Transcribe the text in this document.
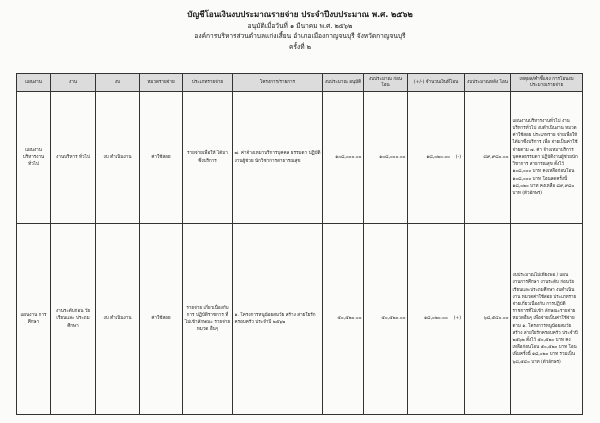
บัญชีโอนเงินงบประมาณรายจ่าย ประจำปีงบประมาณ พ.ศ. ๒๕๖๒
อนุมัติเมื่อวันที่ ๑ มีนาคม พ.ศ. ๒๕๖๒
องค์การบริหารส่วนตำบลแก่งเสี้ยน อำเภอเมืองกาญจนบุรี จังหวัดกาญจนบุรี
ครั้งที่ ๒
แผนงาน	งาน	งบ	หมวดรายจ่าย	ประเภทรายจ่าย	โครงการ/รายการ	งบประมาณ อนุมัติ	งบประมาณ ก่อนโอน	(+/-) จำนวนเงินที่โอน	งบประมาณหลัง โอน	เหตุผล/คำชี้แจง การโอนงบประมาณรายจ่าย
แผนงาน บริหารงาน ทั่วไป	งานบริหาร ทั่วไป	งบ ดำเนินงาน	ค่าใช้สอย	รายจ่ายเพื่อให้ ได้มาซึ่งบริการ	๗. ค่าจ้างเหมาบริการบุคคล ธรรมดา ปฏิบัติงานผู้ช่วย นักวิชาการสาธารณสุข	๑๐๘,๐๐๐.๐๐	๑๐๘,๐๐๐.๐๐	๑๘,๐๒๐.๐๐ (-)	๘๙,๙๘๐.๐๐	แผนงานบริหารงานทั่วไป งาน บริหารทั่วไป งบดำเนินงาน หมวดค่าใช้สอย ประเภทราย จ่ายเพื่อให้ได้มาซึ่งบริการ เพื่อ จ่ายเป็นค่าใช้จ่ายตาม ๗. ค่า จ้างเหมาบริการบุคคลธรรมดา ปฏิบัติงานผู้ช่วยนักวิชาการ สาธารณสุข ตั้งไว้ ๑๐๘,๐๐๐ บาท คงเหลือก่อนโอน ๑๐๘,๐๐๐ บาท โอนลดครั้งนี้ ๑๘,๐๒๐ บาท คงเหลือ ๘๙,๙๘๐ บาท (ตัวอักษร)
แผนงาน การศึกษา	งานระดับก่อน วัยเรียนและ ประถมศึกษา	งบ ดำเนินงาน	ค่าใช้สอย	รายจ่าย เกี่ยวเนื่องกับการ ปฏิบัติราชการ ที่ไม่เข้าลักษณะ รายจ่ายหมวด อื่นๆ	๑. โครงการหนูน้อยสมวัย สร้าง สายใยรักครอบครัว ประจำปี ๒๕๖๒	๕๐,๕๒๐.๐๐	๕๐,๕๒๐.๐๐	๑๘,๐๒๐.๐๐ (+)	๖๘,๕๔๐.๐๐	งบประมาณไม่เพียงพอ / แผนงานการศึกษา งานระดับ ก่อนวัยเรียนและประถมศึกษา งบดำเนินงาน หมวดค่าใช้สอย ประเภทรายจ่ายเกี่ยวเนื่องกับ การปฏิบัติราชการที่ไม่เข้า ลักษณะรายจ่ายหมวดอื่นๆ เพื่อจ่ายเป็นค่าใช้จ่ายตาม ๑. โครงการหนูน้อยสมวัย สร้าง สายใยรักครอบครัว ประจำปี ๒๕๖๒ ตั้งไว้ ๕๐,๕๒๐ บาท คงเหลือก่อนโอน ๕๐,๕๒๐ บาท โอนเพิ่มครั้งนี้ ๑๘,๐๒๐ บาท รวมเป็น ๖๘,๕๔๐ บาท (ตัวอักษร)
